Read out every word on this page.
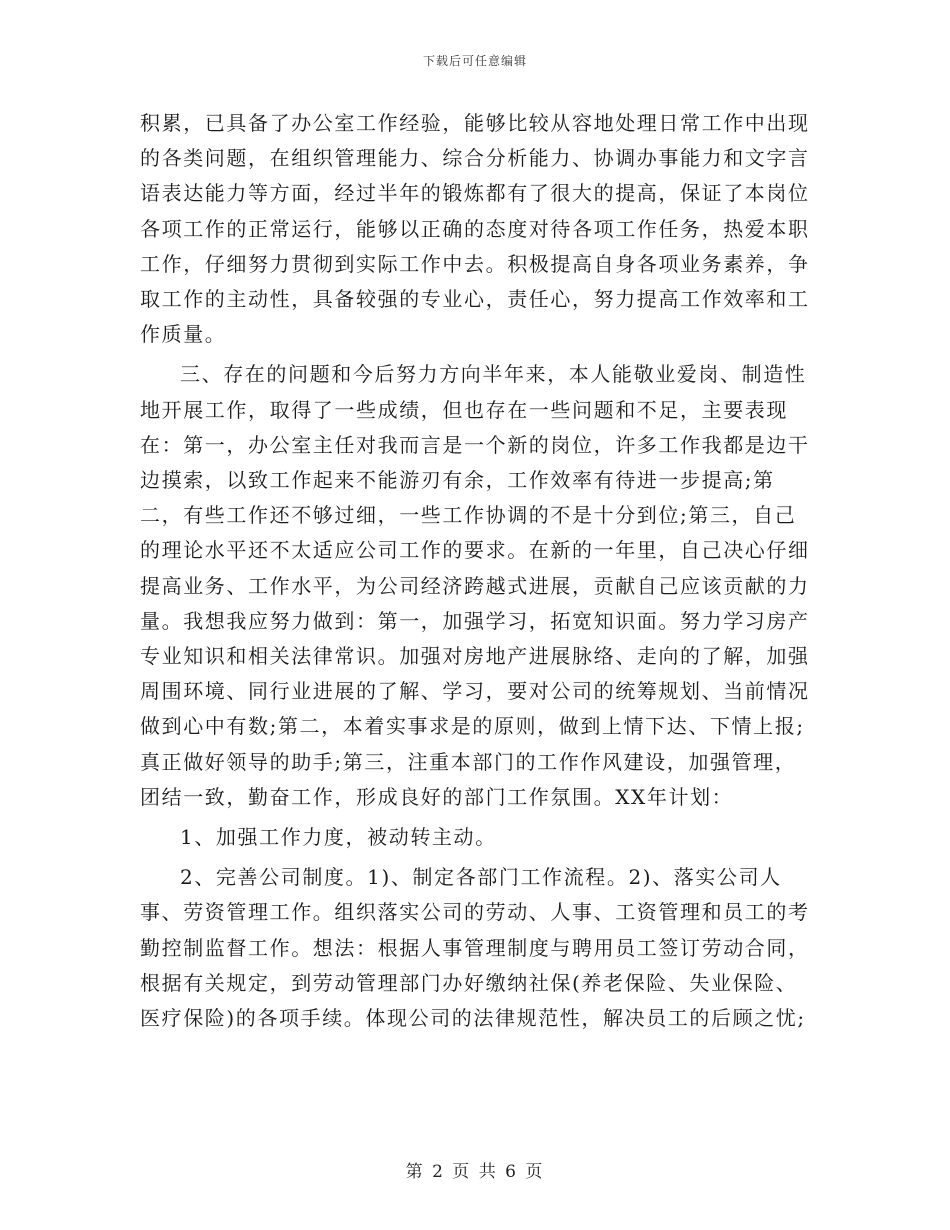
下载后可任意编辑

积累，已具备了办公室工作经验，能够比较从容地处理日常工作中出现的各类问题，在组织管理能力、综合分析能力、协调办事能力和文字言语表达能力等方面，经过半年的锻炼都有了很大的提高，保证了本岗位各项工作的正常运行，能够以正确的态度对待各项工作任务，热爱本职工作，仔细努力贯彻到实际工作中去。积极提高自身各项业务素养，争取工作的主动性，具备较强的专业心，责任心，努力提高工作效率和工作质量。

三、存在的问题和今后努力方向半年来，本人能敬业爱岗、制造性地开展工作，取得了一些成绩，但也存在一些问题和不足，主要表现在：第一，办公室主任对我而言是一个新的岗位，许多工作我都是边干边摸索，以致工作起来不能游刃有余，工作效率有待进一步提高;第二，有些工作还不够过细，一些工作协调的不是十分到位;第三，自己的理论水平还不太适应公司工作的要求。在新的一年里，自己决心仔细提高业务、工作水平，为公司经济跨越式进展，贡献自己应该贡献的力量。我想我应努力做到：第一，加强学习，拓宽知识面。努力学习房产专业知识和相关法律常识。加强对房地产进展脉络、走向的了解，加强周围环境、同行业进展的了解、学习，要对公司的统筹规划、当前情况做到心中有数;第二，本着实事求是的原则，做到上情下达、下情上报;真正做好领导的助手;第三，注重本部门的工作作风建设，加强管理，团结一致，勤奋工作，形成良好的部门工作氛围。XX年计划：

1、加强工作力度，被动转主动。

2、完善公司制度。1)、制定各部门工作流程。2)、落实公司人事、劳资管理工作。组织落实公司的劳动、人事、工资管理和员工的考勤控制监督工作。想法：根据人事管理制度与聘用员工签订劳动合同，根据有关规定，到劳动管理部门办好缴纳社保(养老保险、失业保险、医疗保险)的各项手续。体现公司的法律规范性，解决员工的后顾之忧;

第 2 页 共 6 页
